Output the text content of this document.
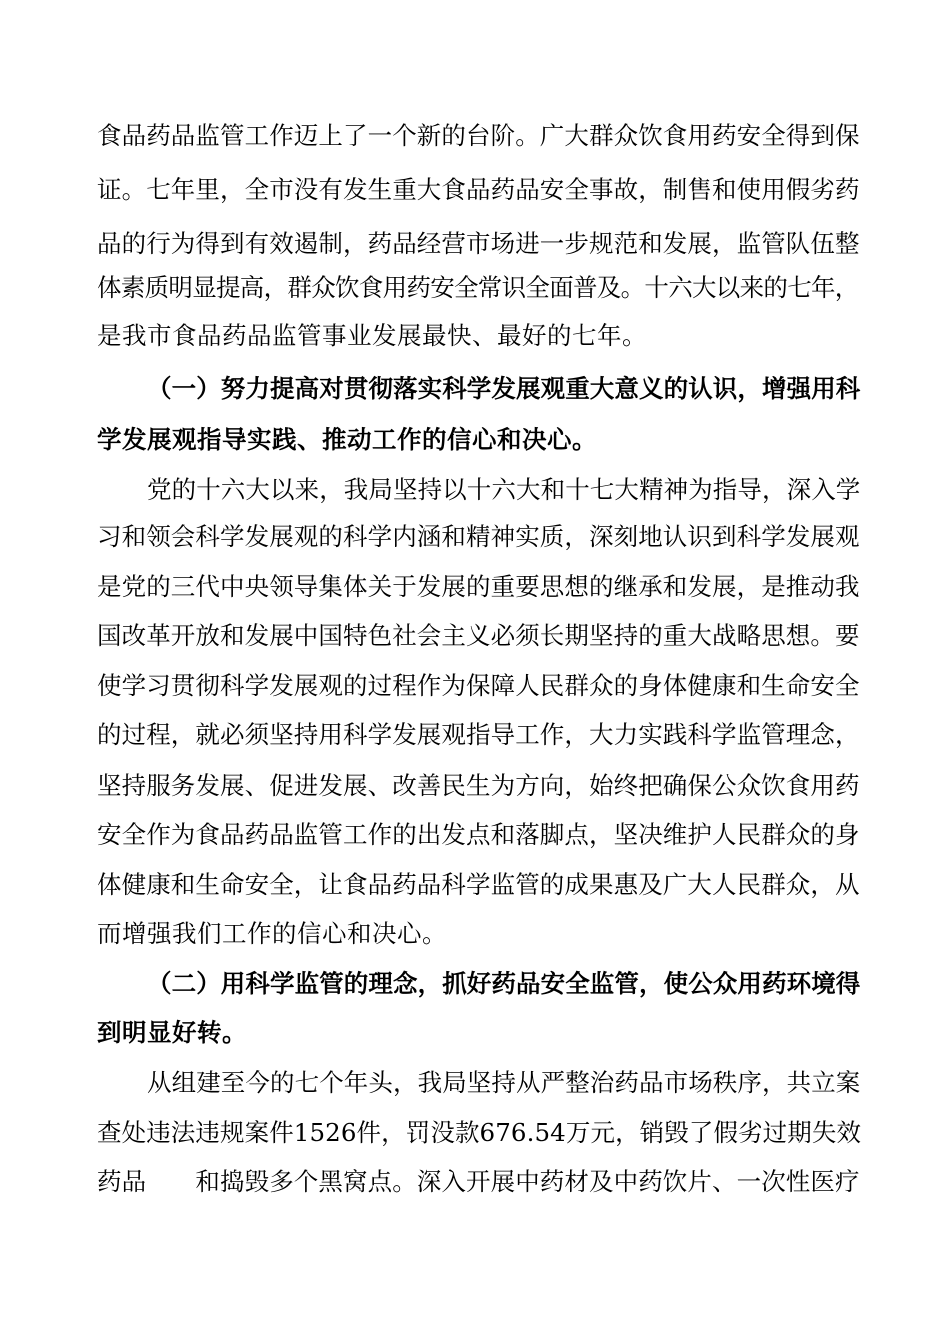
食品药品监管工作迈上了一个新的台阶。广大群众饮食用药安全得到保
证。七年里，全市没有发生重大食品药品安全事故，制售和使用假劣药
品的行为得到有效遏制，药品经营市场进一步规范和发展，监管队伍整
体素质明显提高，群众饮食用药安全常识全面普及。十六大以来的七年，
是我市食品药品监管事业发展最快、最好的七年。
（一）努力提高对贯彻落实科学发展观重大意义的认识，增强用科
学发展观指导实践、推动工作的信心和决心。
党的十六大以来，我局坚持以十六大和十七大精神为指导，深入学
习和领会科学发展观的科学内涵和精神实质，深刻地认识到科学发展观
是党的三代中央领导集体关于发展的重要思想的继承和发展，是推动我
国改革开放和发展中国特色社会主义必须长期坚持的重大战略思想。要
使学习贯彻科学发展观的过程作为保障人民群众的身体健康和生命安全
的过程，就必须坚持用科学发展观指导工作，大力实践科学监管理念，
坚持服务发展、促进发展、改善民生为方向，始终把确保公众饮食用药
安全作为食品药品监管工作的出发点和落脚点，坚决维护人民群众的身
体健康和生命安全，让食品药品科学监管的成果惠及广大人民群众，从
而增强我们工作的信心和决心。
（二）用科学监管的理念，抓好药品安全监管，使公众用药环境得
到明显好转。
从组建至今的七个年头，我局坚持从严整治药品市场秩序，共立案
查处违法违规案件1526件，罚没款676.54万元，销毁了假劣过期失效
药品　　和捣毁多个黑窝点。深入开展中药材及中药饮片、一次性医疗
